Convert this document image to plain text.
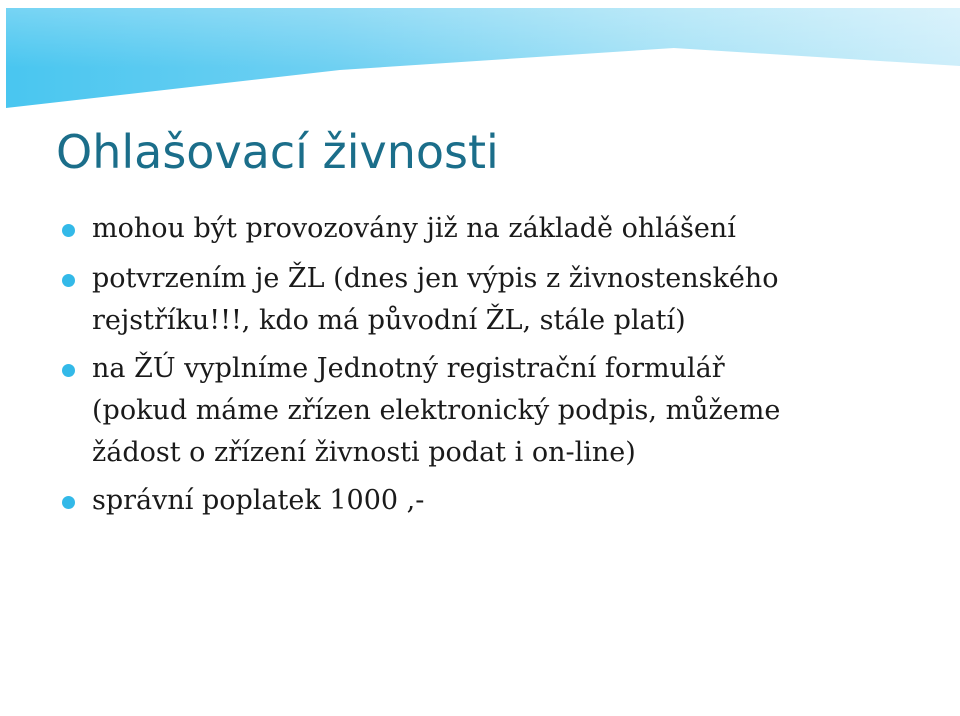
Ohlašovací živnosti
mohou být provozovány již na základě ohlášení
potvrzením je ŽL (dnes jen výpis z živnostenského
rejstříku!!!, kdo má původní ŽL, stále platí)
na ŽÚ vyplníme Jednotný registrační formulář
(pokud máme zřízen elektronický podpis, můžeme
žádost o zřízení živnosti podat i on-line)
správní poplatek 1000 ,-
